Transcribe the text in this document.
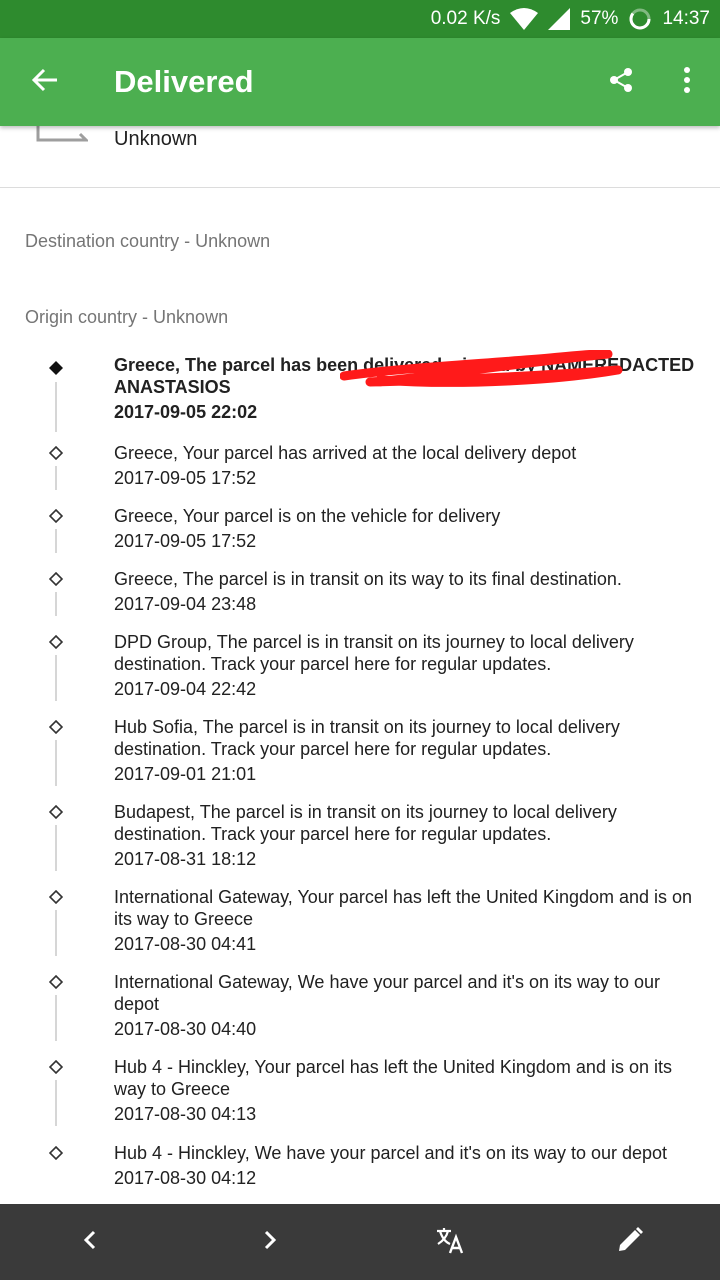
0.02 K/s	57% 14:37
Delivered
Unknown
Destination country - Unknown
Origin country - Unknown
Greece, The parcel has been delivered, signed by NAMEREDACTED ANASTASIOS
2017-09-05 22:02
Greece, Your parcel has arrived at the local delivery depot
2017-09-05 17:52
Greece, Your parcel is on the vehicle for delivery
2017-09-05 17:52
Greece, The parcel is in transit on its way to its final destination.
2017-09-04 23:48
DPD Group, The parcel is in transit on its journey to local delivery destination. Track your parcel here for regular updates.
2017-09-04 22:42
Hub Sofia, The parcel is in transit on its journey to local delivery destination. Track your parcel here for regular updates.
2017-09-01 21:01
Budapest, The parcel is in transit on its journey to local delivery destination. Track your parcel here for regular updates.
2017-08-31 18:12
International Gateway, Your parcel has left the United Kingdom and is on its way to Greece
2017-08-30 04:41
International Gateway, We have your parcel and it's on its way to our depot
2017-08-30 04:40
Hub 4 - Hinckley, Your parcel has left the United Kingdom and is on its way to Greece
2017-08-30 04:13
Hub 4 - Hinckley, We have your parcel and it's on its way to our depot
2017-08-30 04:12
